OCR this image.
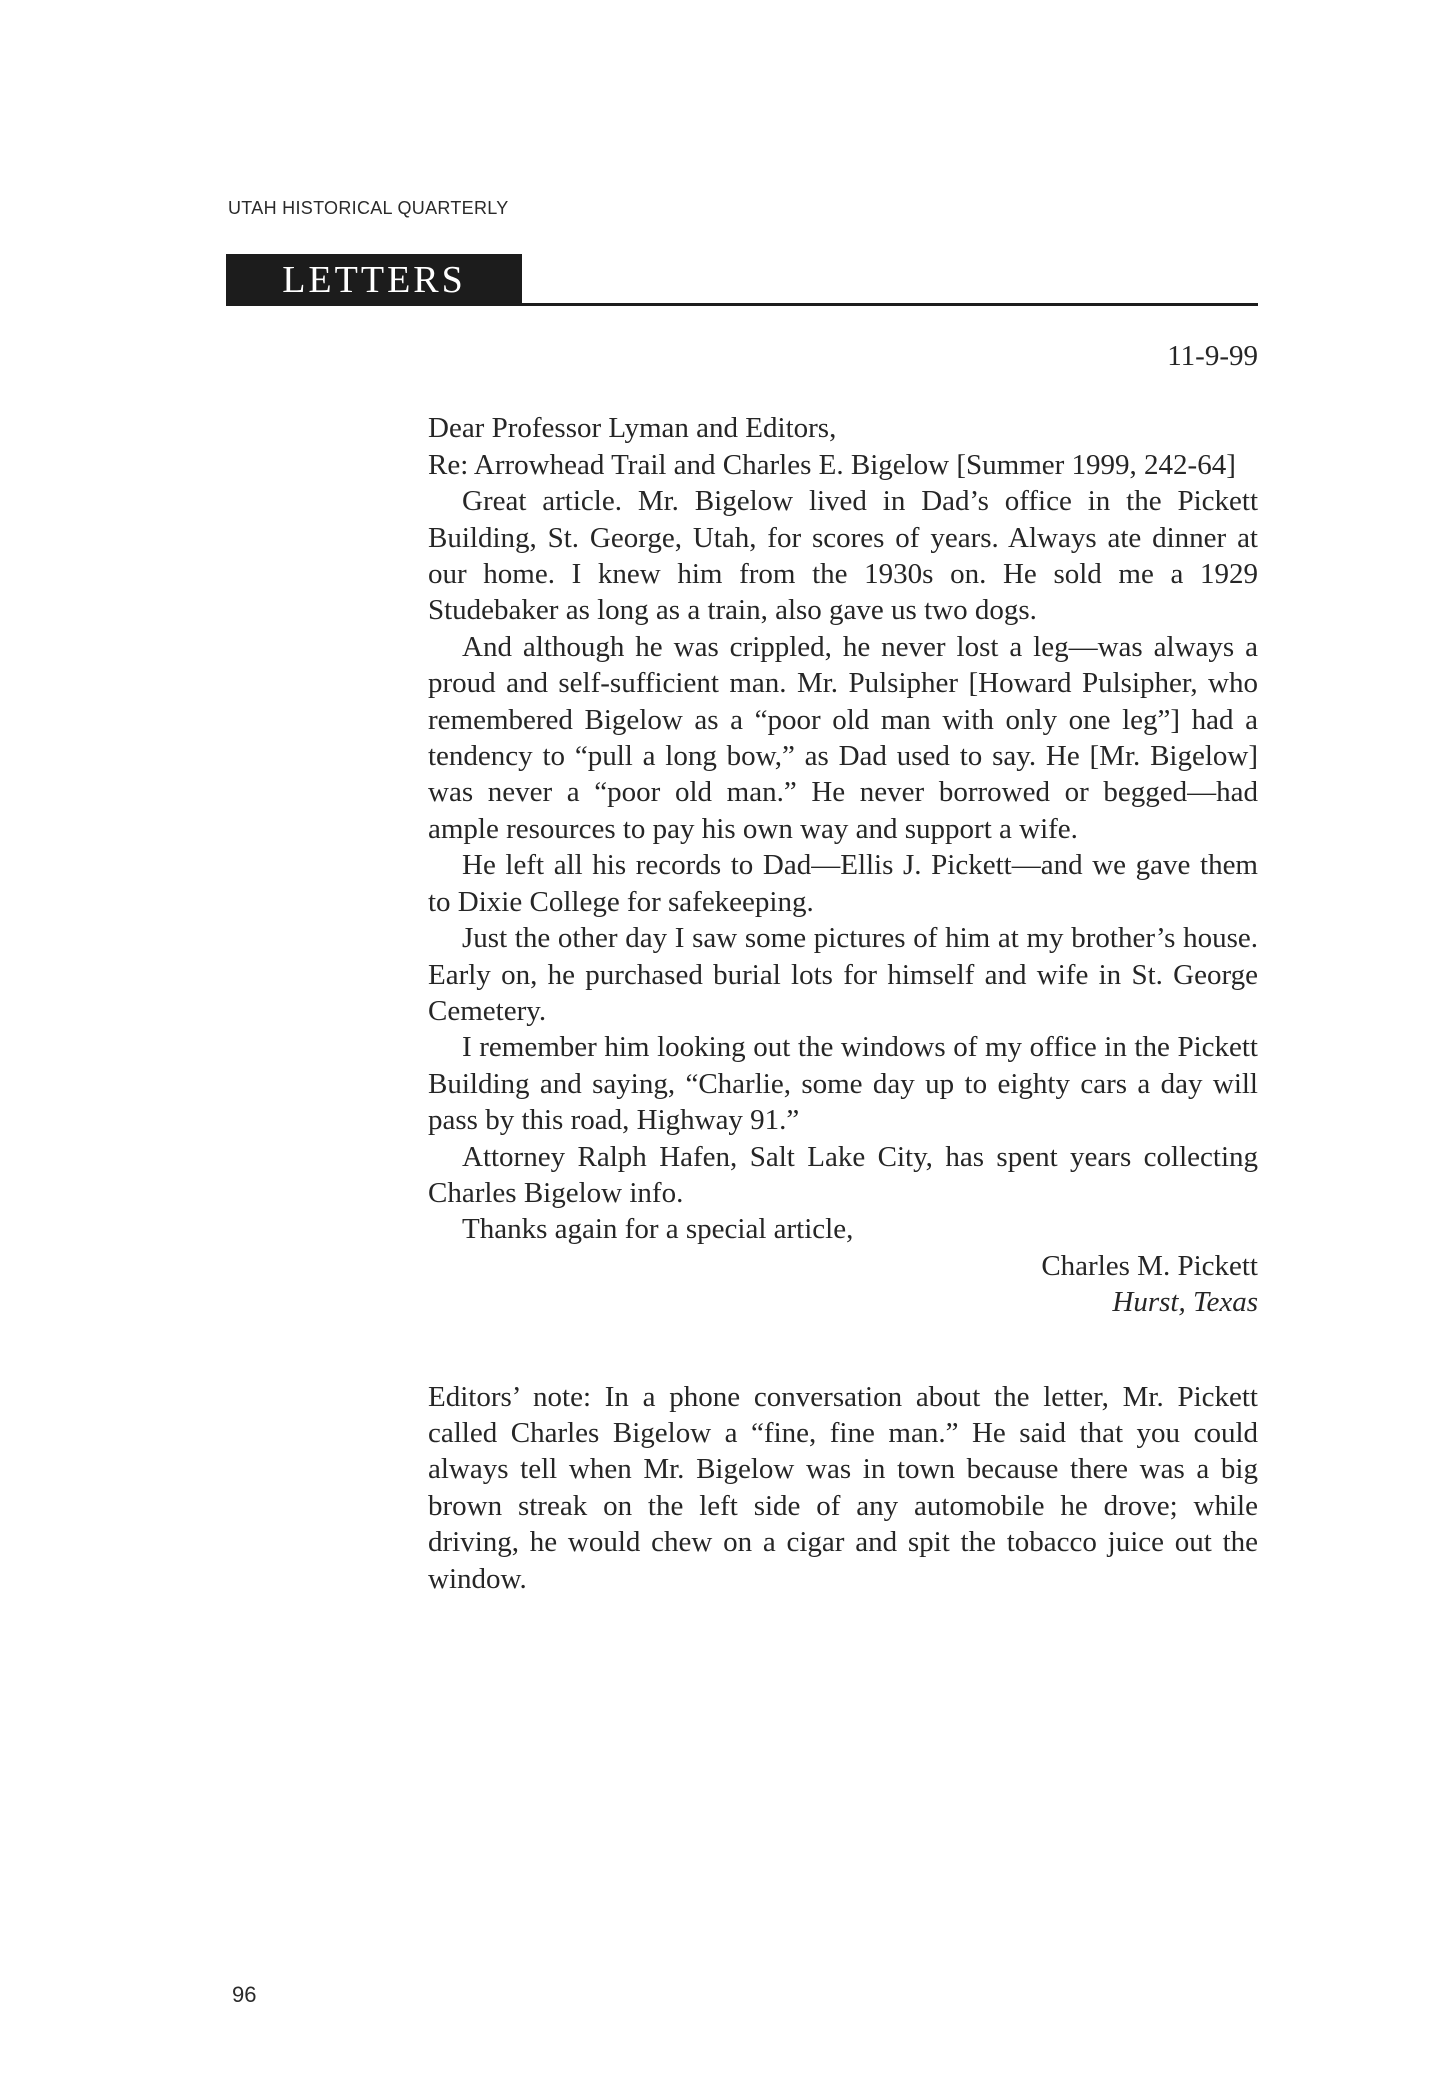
UTAH HISTORICAL QUARTERLY
LETTERS

11-9-99

Dear Professor Lyman and Editors,

Re: Arrowhead Trail and Charles E. Bigelow [Summer 1999, 242-64]

Great article. Mr. Bigelow lived in Dad’s office in the Pickett Building, St. George, Utah, for scores of years. Always ate dinner at our home. I knew him from the 1930s on. He sold me a 1929 Studebaker as long as a train, also gave us two dogs.

And although he was crippled, he never lost a leg—was always a proud and self-sufficient man. Mr. Pulsipher [Howard Pulsipher, who remembered Bigelow as a “poor old man with only one leg”] had a tendency to “pull a long bow,” as Dad used to say. He [Mr. Bigelow] was never a “poor old man.” He never borrowed or begged—had ample resources to pay his own way and support a wife.

He left all his records to Dad—Ellis J. Pickett—and we gave them to Dixie College for safekeeping.

Just the other day I saw some pictures of him at my brother’s house. Early on, he purchased burial lots for himself and wife in St. George Cemetery.

I remember him looking out the windows of my office in the Pickett Building and saying, “Charlie, some day up to eighty cars a day will pass by this road, Highway 91.”

Attorney Ralph Hafen, Salt Lake City, has spent years collecting Charles Bigelow info.

Thanks again for a special article,

Charles M. Pickett

Hurst, Texas

Editors’ note: In a phone conversation about the letter, Mr. Pickett called Charles Bigelow a “fine, fine man.” He said that you could always tell when Mr. Bigelow was in town because there was a big brown streak on the left side of any automobile he drove; while driving, he would chew on a cigar and spit the tobacco juice out the window.

96
